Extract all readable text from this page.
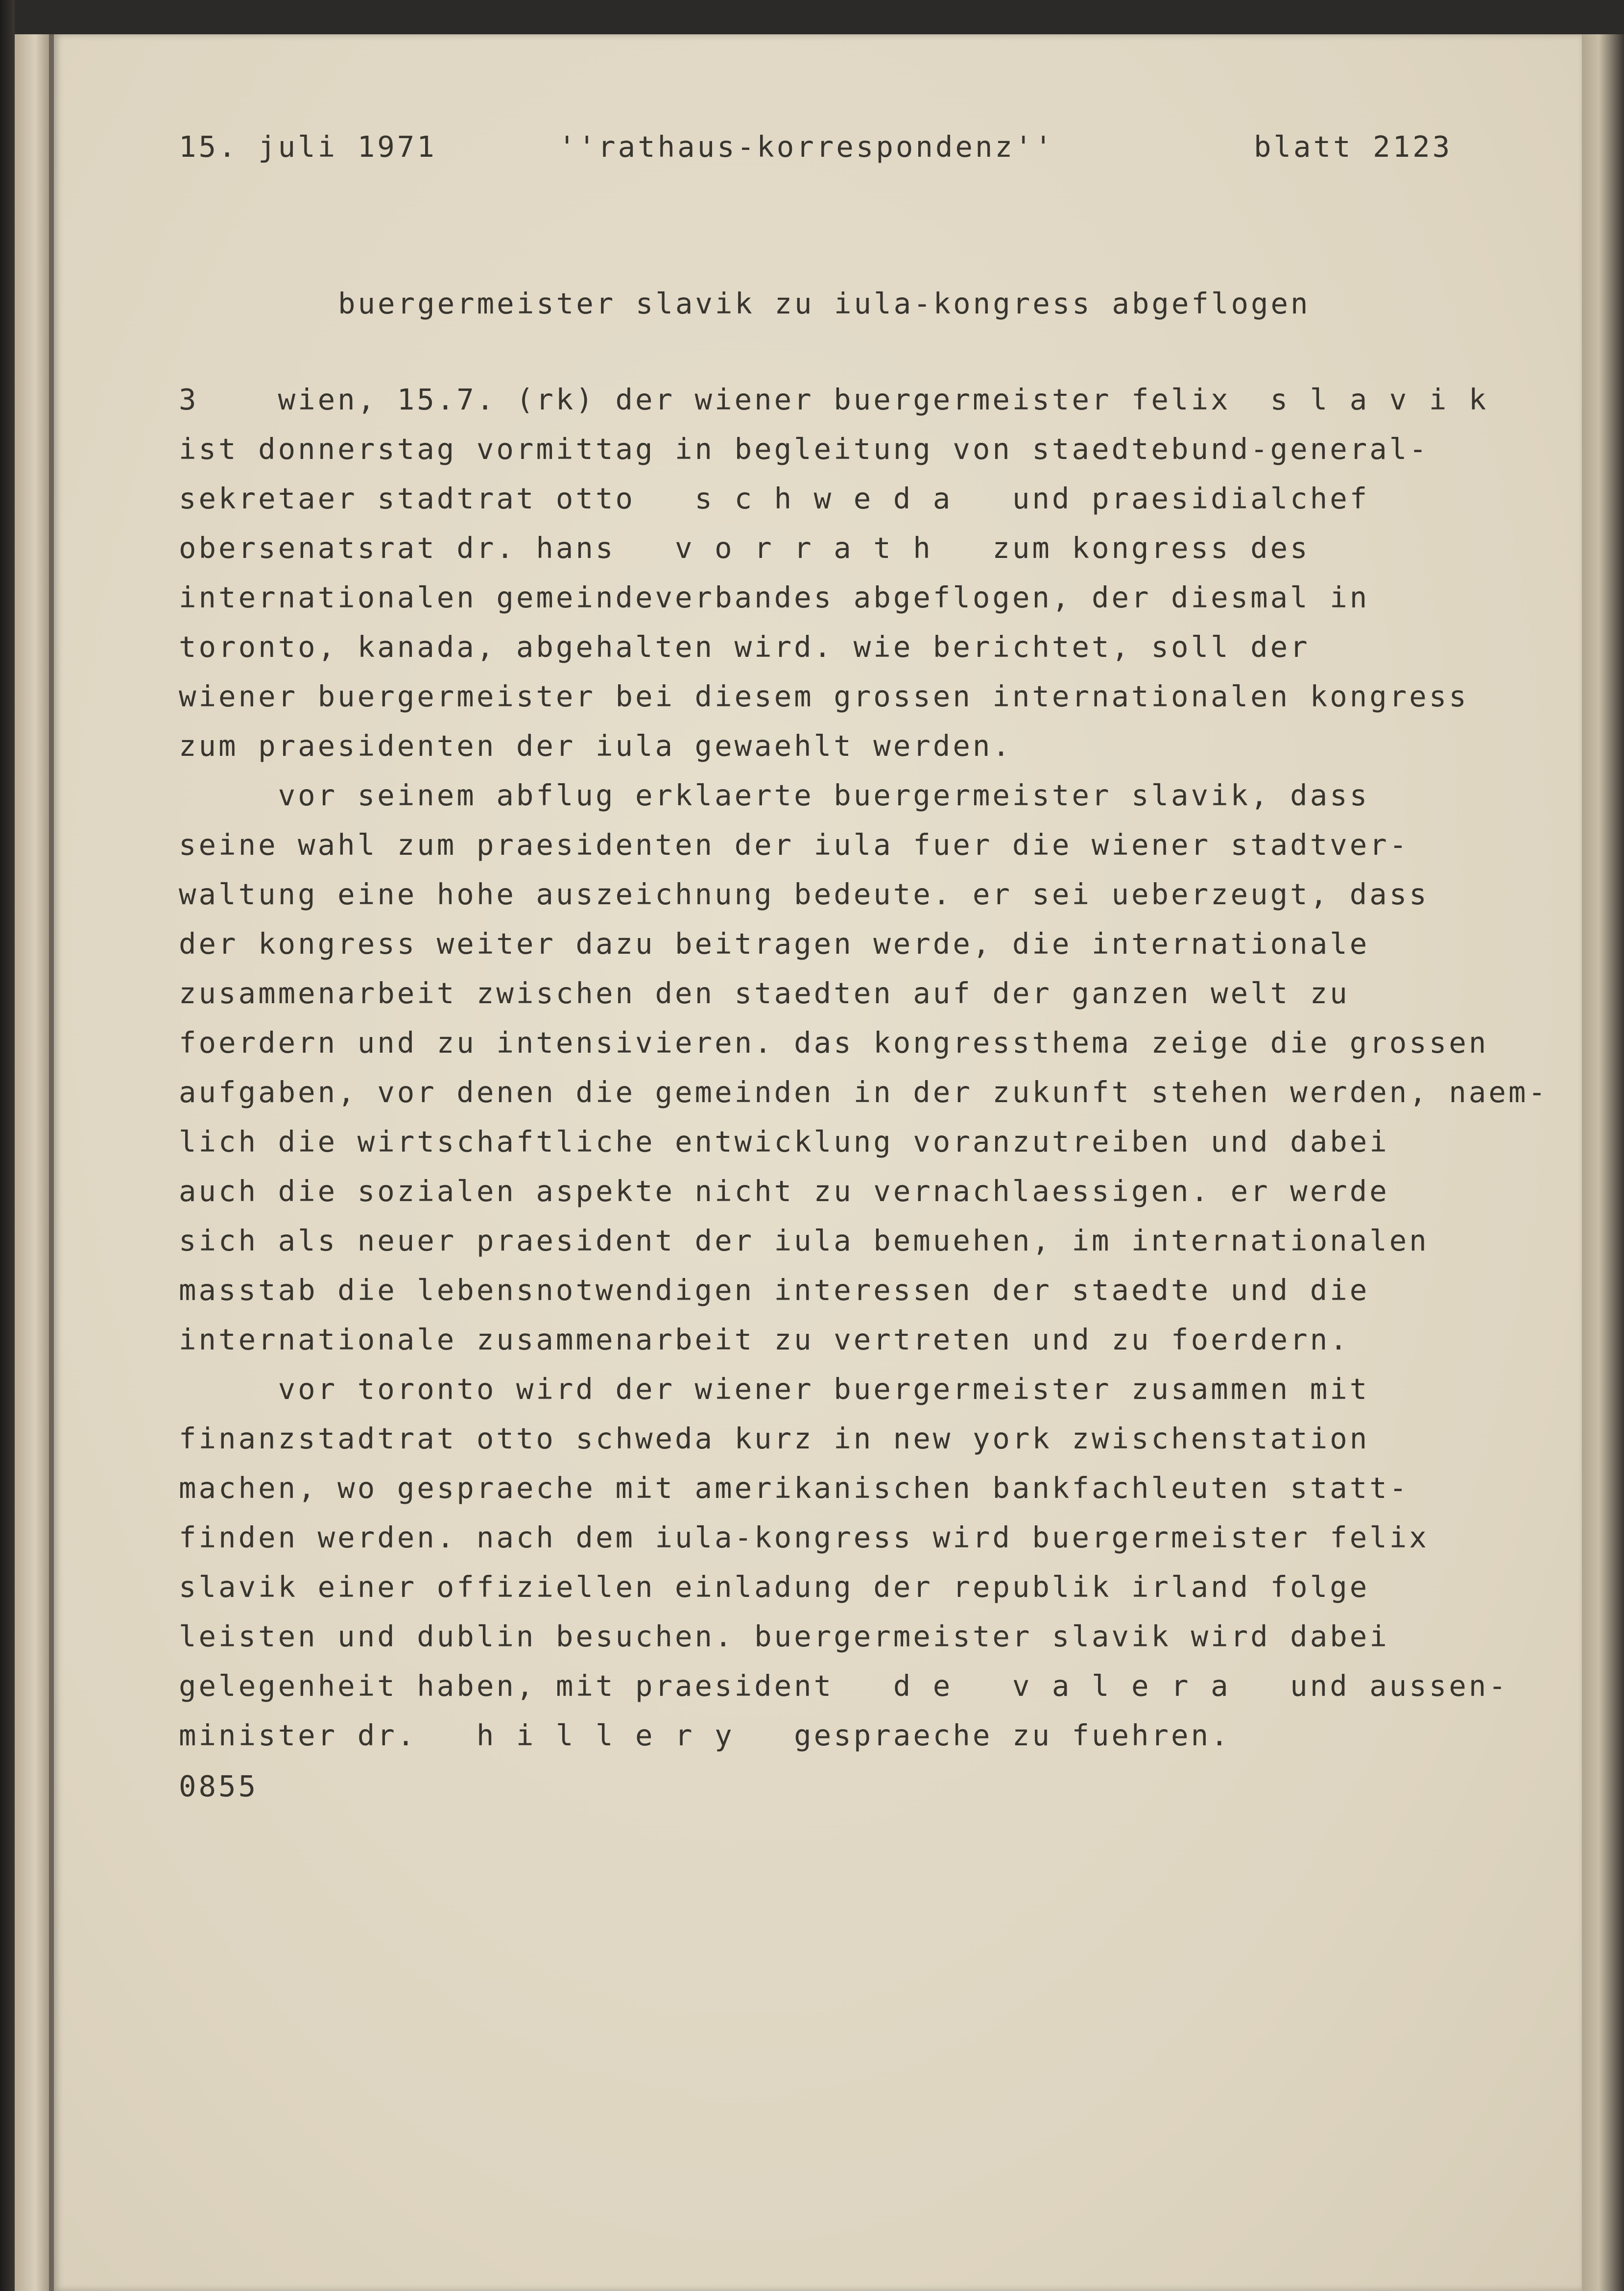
15. juli 1971	''rathaus-korrespondenz''	blatt 2123
buergermeister slavik zu iula-kongress abgeflogen
3    wien, 15.7. (rk) der wiener buergermeister felix  s l a v i k
ist donnerstag vormittag in begleitung von staedtebund-general-
sekretaer stadtrat otto   s c h w e d a   und praesidialchef
obersenatsrat dr. hans   v o r r a t h   zum kongress des
internationalen gemeindeverbandes abgeflogen, der diesmal in
toronto, kanada, abgehalten wird. wie berichtet, soll der
wiener buergermeister bei diesem grossen internationalen kongress
zum praesidenten der iula gewaehlt werden.
vor seinem abflug erklaerte buergermeister slavik, dass
seine wahl zum praesidenten der iula fuer die wiener stadtver-
waltung eine hohe auszeichnung bedeute. er sei ueberzeugt, dass
der kongress weiter dazu beitragen werde, die internationale
zusammenarbeit zwischen den staedten auf der ganzen welt zu
foerdern und zu intensivieren. das kongressthema zeige die grossen
aufgaben, vor denen die gemeinden in der zukunft stehen werden, naem-
lich die wirtschaftliche entwicklung voranzutreiben und dabei
auch die sozialen aspekte nicht zu vernachlaessigen. er werde
sich als neuer praesident der iula bemuehen, im internationalen
masstab die lebensnotwendigen interessen der staedte und die
internationale zusammenarbeit zu vertreten und zu foerdern.
vor toronto wird der wiener buergermeister zusammen mit
finanzstadtrat otto schweda kurz in new york zwischenstation
machen, wo gespraeche mit amerikanischen bankfachleuten statt-
finden werden. nach dem iula-kongress wird buergermeister felix
slavik einer offiziellen einladung der republik irland folge
leisten und dublin besuchen. buergermeister slavik wird dabei
gelegenheit haben, mit praesident   d e   v a l e r a   und aussen-
minister dr.   h i l l e r y   gespraeche zu fuehren.
0855
